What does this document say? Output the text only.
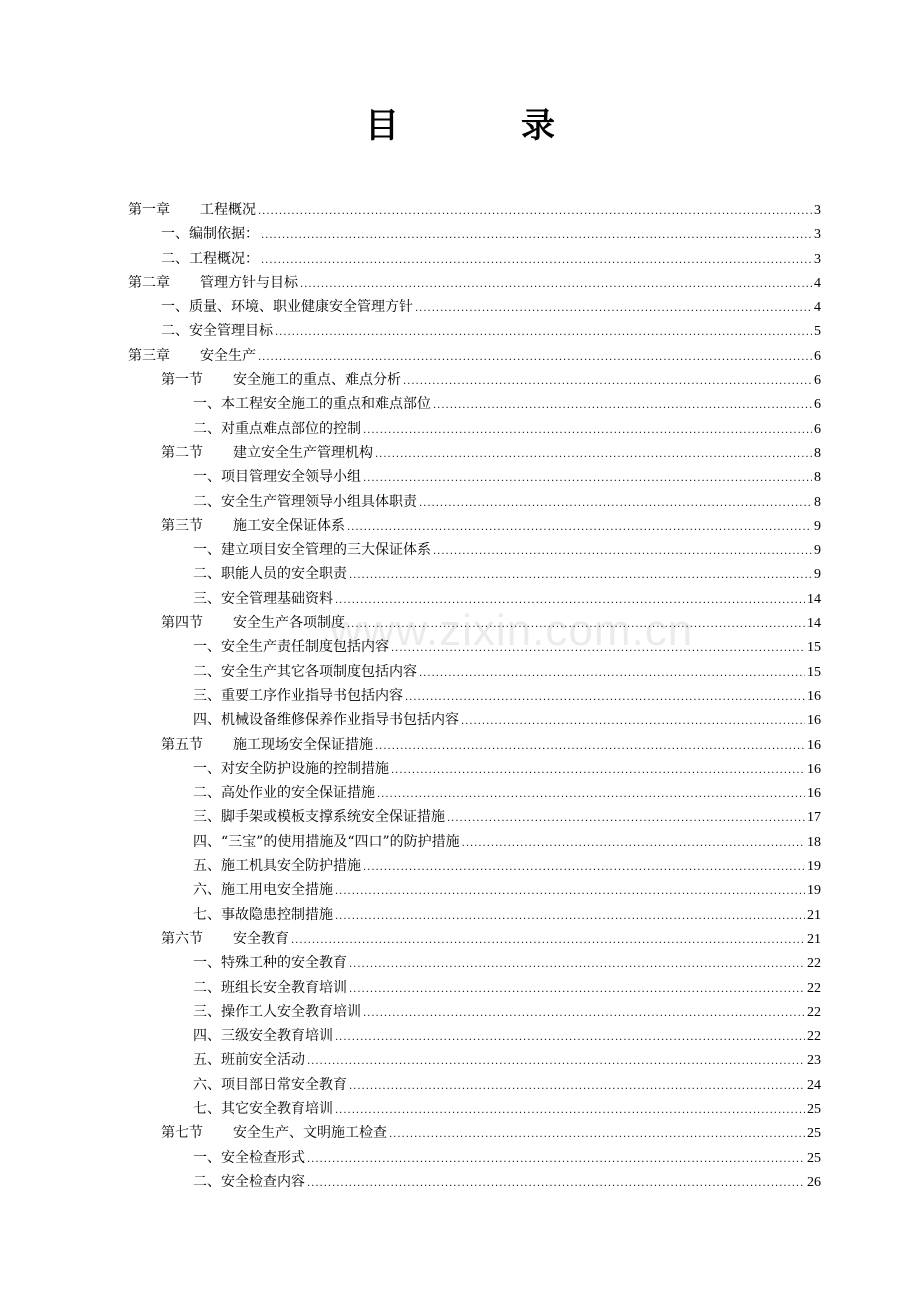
目　录
www.zixin.com.cn
第一章	工程概况 .....	3
一、编制依据： .....	3
二、工程概况： .....	3
第二章	管理方针与目标 .....	4
一、质量、环境、职业健康安全管理方针 .....	4
二、安全管理目标 .....	5
第三章	安全生产 .....	6
第一节	安全施工的重点、难点分析 .....	6
一、本工程安全施工的重点和难点部位 .....	6
二、对重点难点部位的控制 .....	6
第二节	建立安全生产管理机构 .....	8
一、项目管理安全领导小组 .....	8
二、安全生产管理领导小组具体职责 .....	8
第三节	施工安全保证体系 .....	9
一、建立项目安全管理的三大保证体系 .....	9
二、职能人员的安全职责 .....	9
三、安全管理基础资料 .....	14
第四节	安全生产各项制度 .....	14
一、安全生产责任制度包括内容 .....	15
二、安全生产其它各项制度包括内容 .....	15
三、重要工序作业指导书包括内容 .....	16
四、机械设备维修保养作业指导书包括内容 .....	16
第五节	施工现场安全保证措施 .....	16
一、对安全防护设施的控制措施 .....	16
二、高处作业的安全保证措施 .....	16
三、脚手架或模板支撑系统安全保证措施 .....	17
四、“三宝”的使用措施及“四口”的防护措施 .....	18
五、施工机具安全防护措施 .....	19
六、施工用电安全措施 .....	19
七、事故隐患控制措施 .....	21
第六节	安全教育 .....	21
一、特殊工种的安全教育 .....	22
二、班组长安全教育培训 .....	22
三、操作工人安全教育培训 .....	22
四、三级安全教育培训 .....	22
五、班前安全活动 .....	23
六、项目部日常安全教育 .....	24
七、其它安全教育培训 .....	25
第七节	安全生产、文明施工检查 .....	25
一、安全检查形式 .....	25
二、安全检查内容 .....	26
